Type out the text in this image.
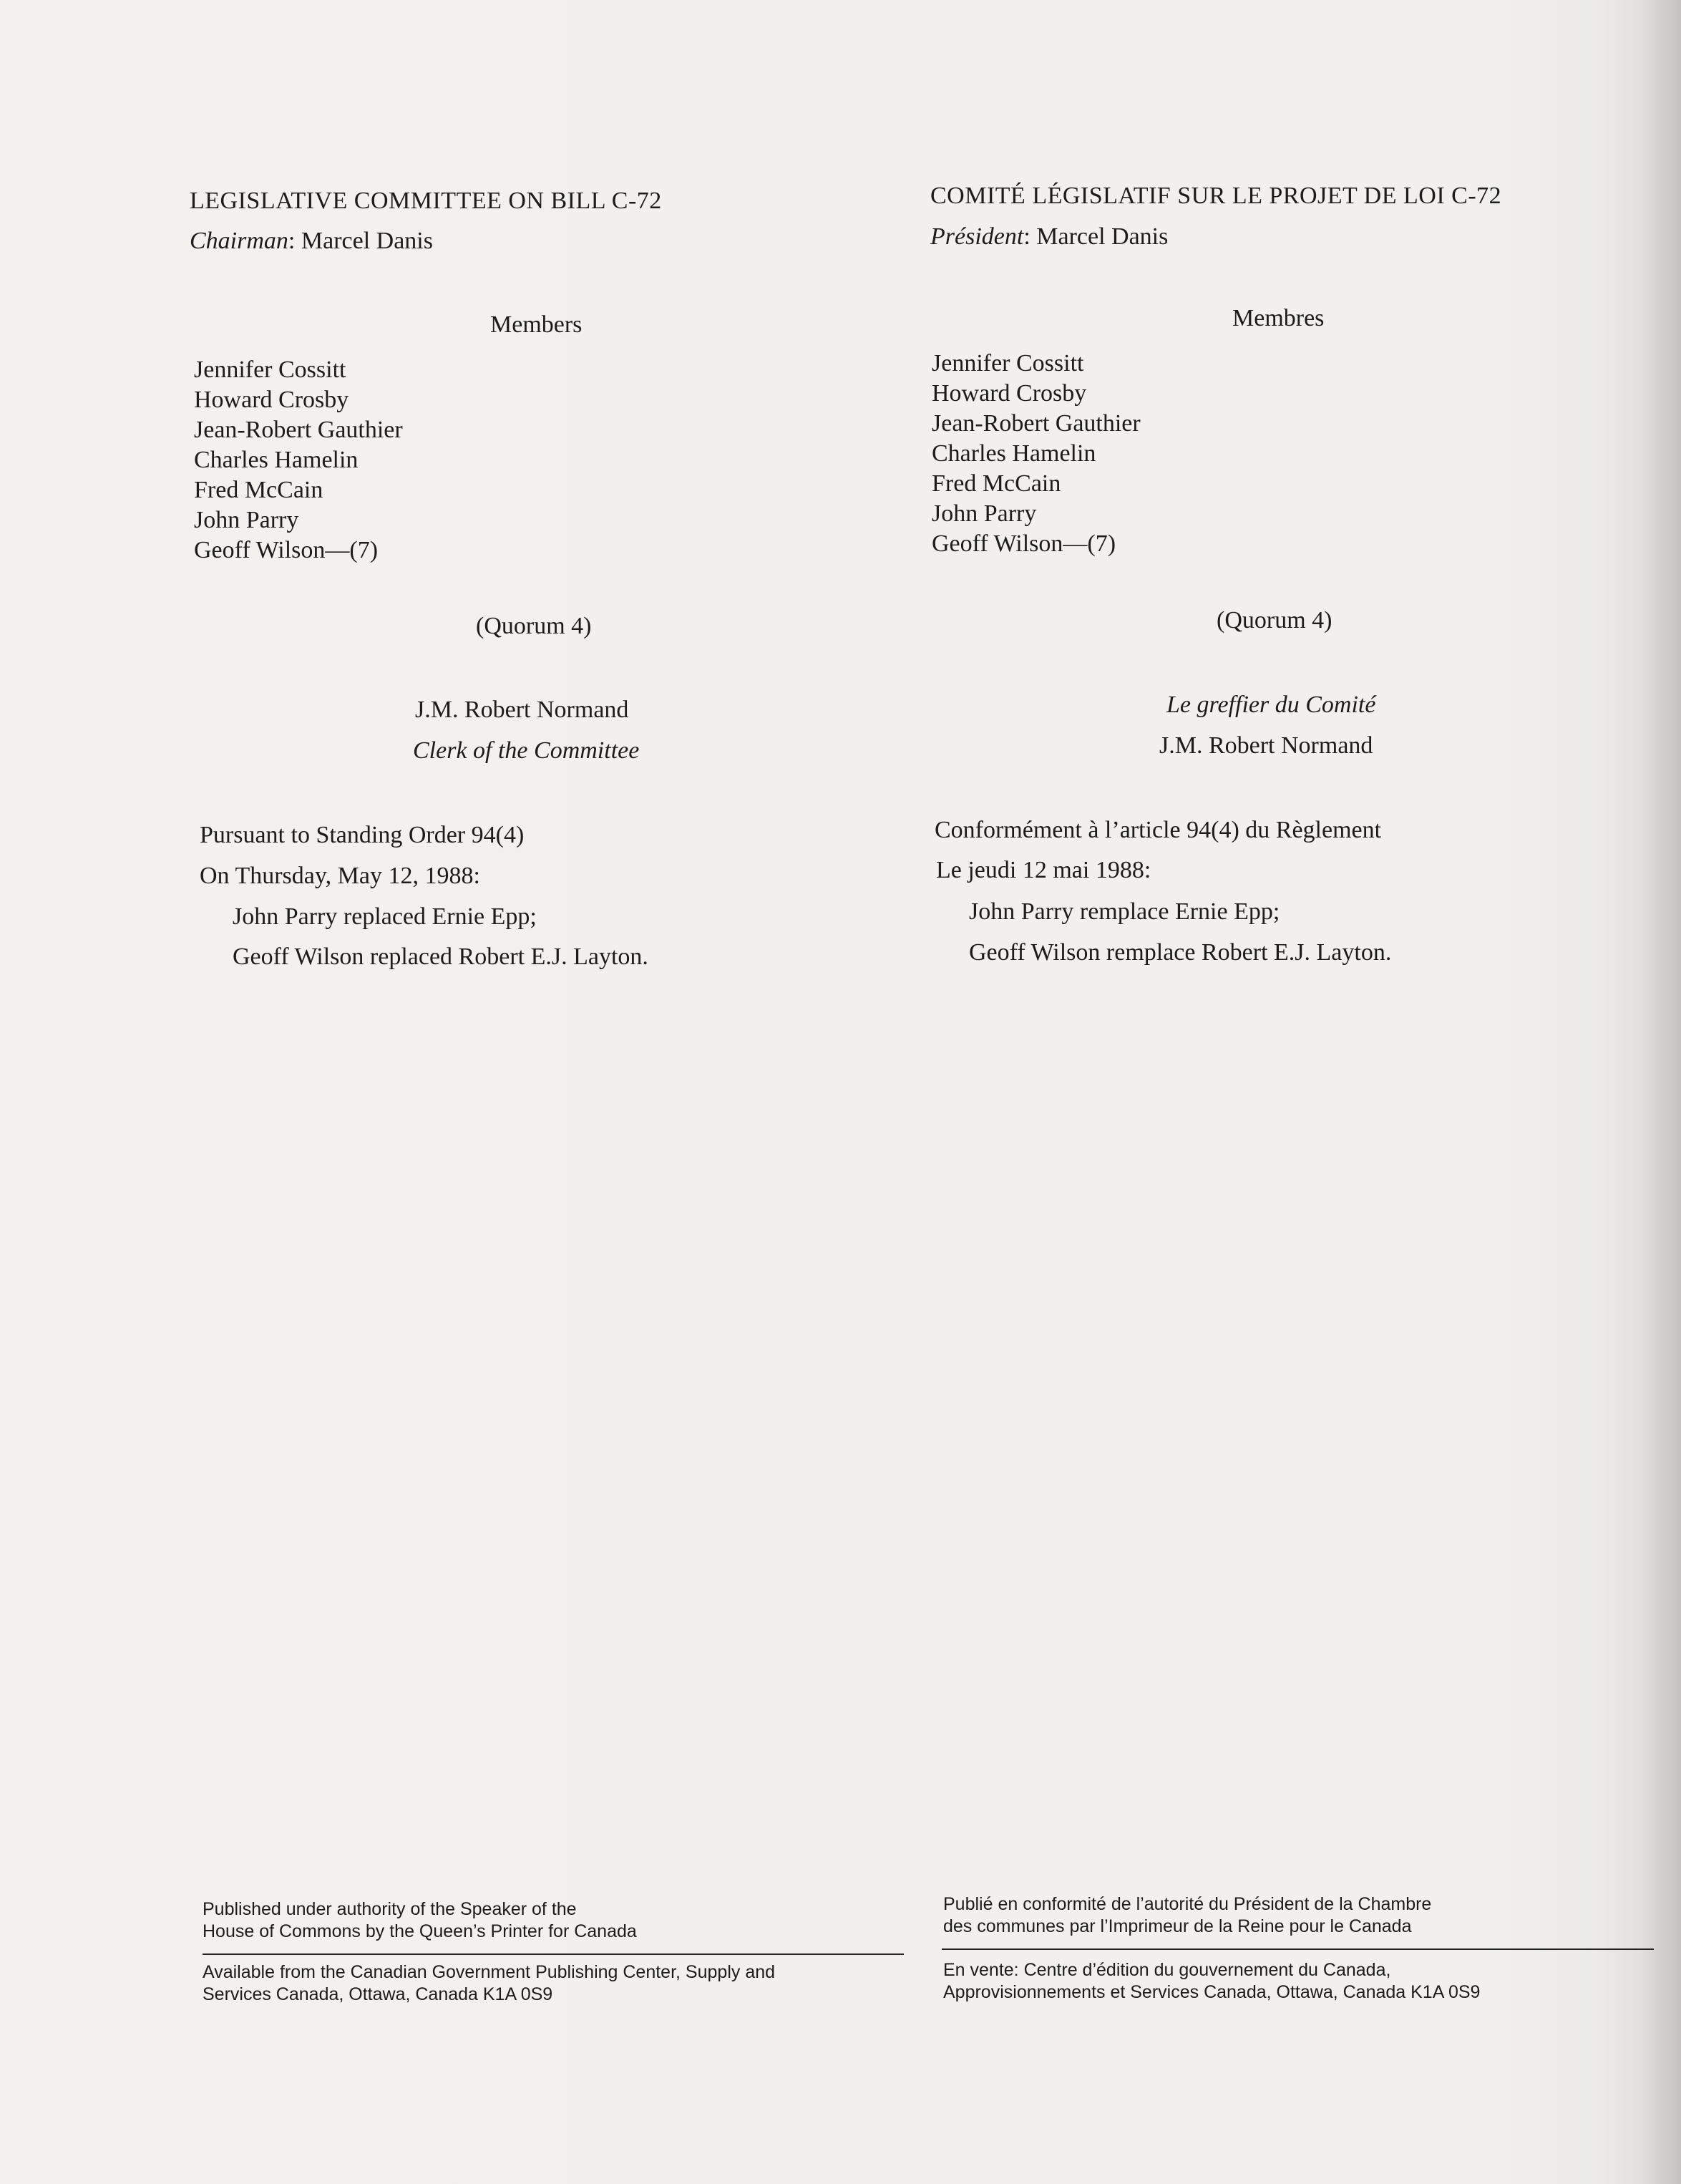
LEGISLATIVE COMMITTEE ON BILL C-72
Chairman: Marcel Danis
Members
Jennifer Cossitt
Howard Crosby
Jean-Robert Gauthier
Charles Hamelin
Fred McCain
John Parry
Geoff Wilson—(7)
(Quorum 4)
J.M. Robert Normand
Clerk of the Committee
Pursuant to Standing Order 94(4)
On Thursday, May 12, 1988:
John Parry replaced Ernie Epp;
Geoff Wilson replaced Robert E.J. Layton.
Published under authority of the Speaker of the
House of Commons by the Queen’s Printer for Canada
Available from the Canadian Government Publishing Center, Supply and
Services Canada, Ottawa, Canada K1A 0S9
COMITÉ LÉGISLATIF SUR LE PROJET DE LOI C-72
Président: Marcel Danis
Membres
Jennifer Cossitt
Howard Crosby
Jean-Robert Gauthier
Charles Hamelin
Fred McCain
John Parry
Geoff Wilson—(7)
(Quorum 4)
Le greffier du Comité
J.M. Robert Normand
Conformément à l’article 94(4) du Règlement
Le jeudi 12 mai 1988:
John Parry remplace Ernie Epp;
Geoff Wilson remplace Robert E.J. Layton.
Publié en conformité de l’autorité du Président de la Chambre
des communes par l’Imprimeur de la Reine pour le Canada
En vente: Centre d’édition du gouvernement du Canada,
Approvisionnements et Services Canada, Ottawa, Canada K1A 0S9
